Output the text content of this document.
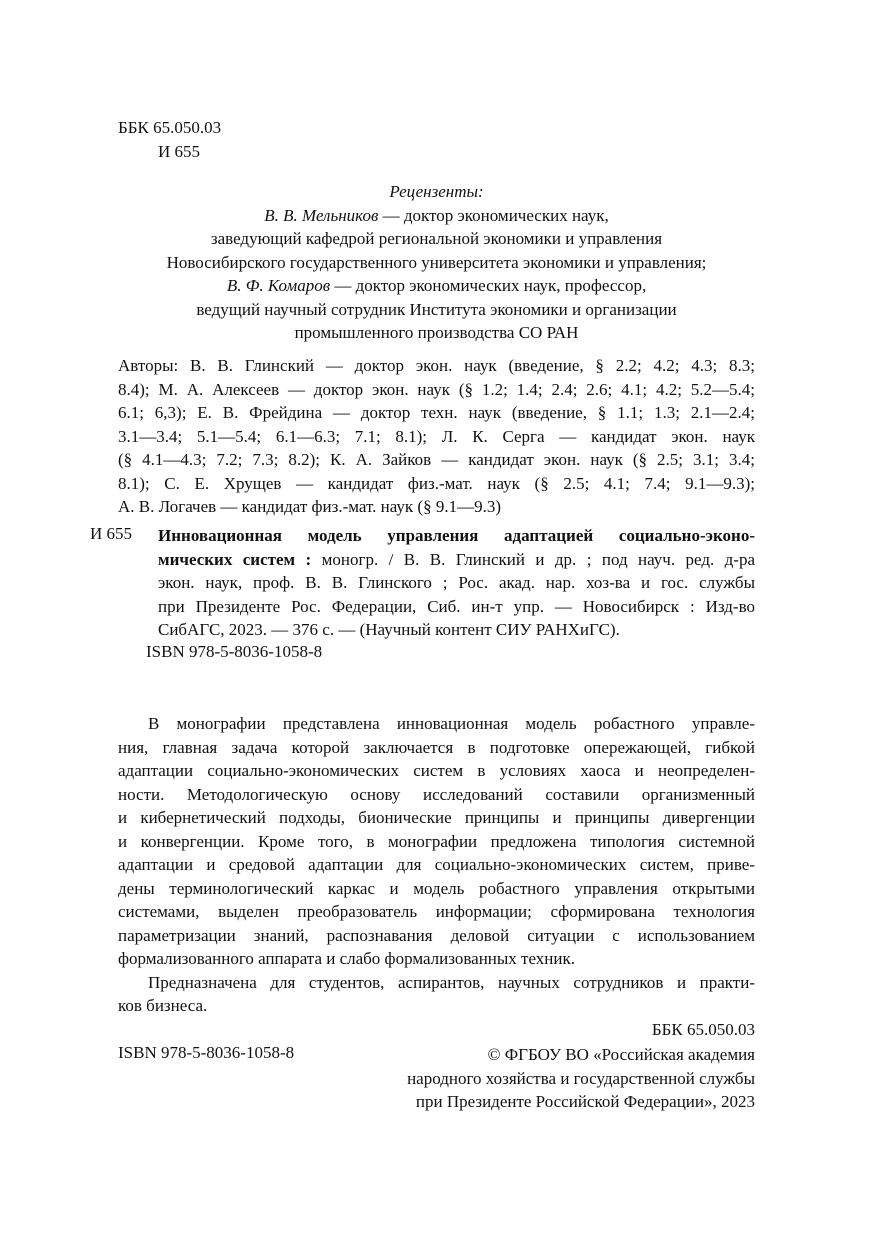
ББК 65.050.03
И 655
Рецензенты:
В. В. Мельников — доктор экономических наук,
заведующий кафедрой региональной экономики и управления
Новосибирского государственного университета экономики и управления;
В. Ф. Комаров — доктор экономических наук, профессор,
ведущий научный сотрудник Института экономики и организации
промышленного производства СО РАН
Авторы: В. В. Глинский — доктор экон. наук (введение, § 2.2; 4.2; 4.3; 8.3;
8.4); М. А. Алексеев — доктор экон. наук (§ 1.2; 1.4; 2.4; 2.6; 4.1; 4.2; 5.2—5.4;
6.1; 6,3); Е. В. Фрейдина — доктор техн. наук (введение, § 1.1; 1.3; 2.1—2.4;
3.1—3.4; 5.1—5.4; 6.1—6.3; 7.1; 8.1); Л. К. Серга — кандидат экон. наук
(§ 4.1—4.3; 7.2; 7.3; 8.2); К. А. Зайков — кандидат экон. наук (§ 2.5; 3.1; 3.4;
8.1); С. Е. Хрущев — кандидат физ.-мат. наук (§ 2.5; 4.1; 7.4; 9.1—9.3);
А. В. Логачев — кандидат физ.-мат. наук (§ 9.1—9.3)
И 655 Инновационная модель управления адаптацией социально-эконо-
мических систем : моногр. / В. В. Глинский и др. ; под науч. ред. д-ра
экон. наук, проф. В. В. Глинского ; Рос. акад. нар. хоз-ва и гос. службы
при Президенте Рос. Федерации, Сиб. ин-т упр. — Новосибирск : Изд-во
СибАГС, 2023. — 376 с. — (Научный контент СИУ РАНХиГС).
ISBN 978-5-8036-1058-8
В монографии представлена инновационная модель робастного управле-
ния, главная задача которой заключается в подготовке опережающей, гибкой
адаптации социально-экономических систем в условиях хаоса и неопределен-
ности. Методологическую основу исследований составили организменный
и кибернетический подходы, бионические принципы и принципы дивергенции
и конвергенции. Кроме того, в монографии предложена типология системной
адаптации и средовой адаптации для социально-экономических систем, приве-
дены терминологический каркас и модель робастного управления открытыми
системами, выделен преобразователь информации; сформирована технология
параметризации знаний, распознавания деловой ситуации с использованием
формализованного аппарата и слабо формализованных техник.
Предназначена для студентов, аспирантов, научных сотрудников и практи-
ков бизнеса.
ББК 65.050.03
ISBN 978-5-8036-1058-8	© ФГБОУ ВО «Российская академия
народного хозяйства и государственной службы
при Президенте Российской Федерации», 2023
